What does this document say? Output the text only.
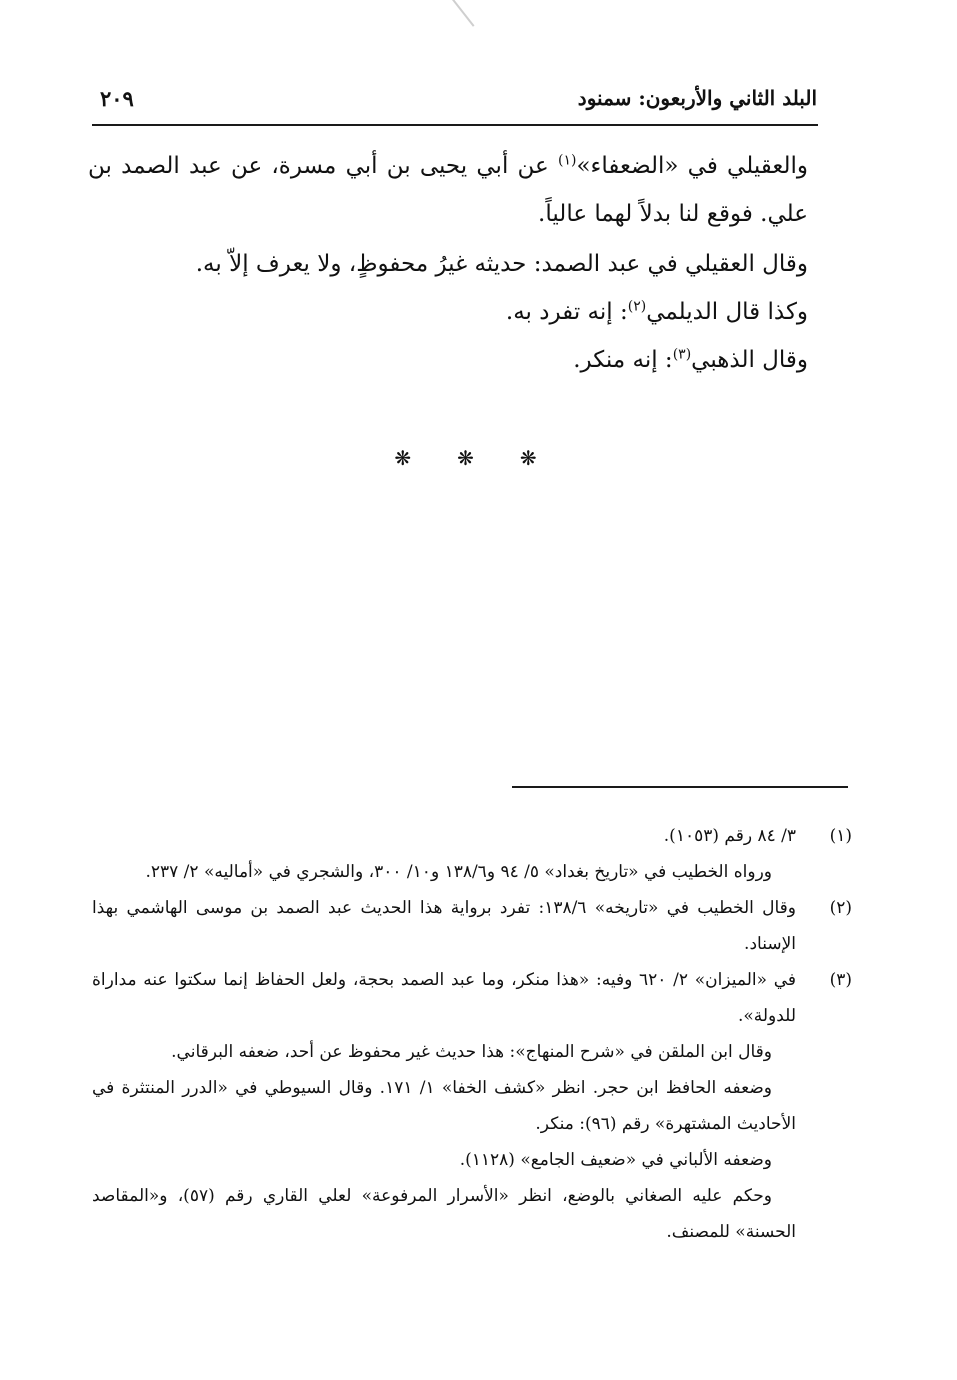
البلد الثاني والأربعون: سمنود
٢٠٩

والعقيلي في «الضعفاء»$^{(١)}$ عن أبي يحيى بن أبي مسرة، عن عبد الصمد بن علي. فوقع لنا بدلاً لهما عالياً.

وقال العقيلي في عبد الصمد: حديثه غيرُ محفوظٍ، ولا يعرف إلاّ به.

وكذا قال الديلمي$^{(٢)}$: إنه تفرد به.

وقال الذهبي$^{(٣)}$: إنه منكر.

❋ ❋ ❋
(١)
٣/ ٨٤ رقم (١٠٥٣).
ورواه الخطيب في «تاريخ بغداد» ٥/ ٩٤ و١٣٨/٦ و١٠/ ٣٠٠، والشجري في «أماليه» ٢/ ٢٣٧.
(٢)
وقال الخطيب في «تاريخه» ١٣٨/٦: تفرد برواية هذا الحديث عبد الصمد بن موسى الهاشمي بهذا الإسناد.
(٣)
في «الميزان» ٢/ ٦٢٠ وفيه: «هذا منكر، وما عبد الصمد بحجة، ولعل الحفاظ إنما سكتوا عنه مداراة للدولة».
وقال ابن الملقن في «شرح المنهاج»: هذا حديث غير محفوظ عن أحد، ضعفه البرقاني.
وضعفه الحافظ ابن حجر. انظر «كشف الخفا» ١/ ١٧١. وقال السيوطي في «الدرر المنتثرة في الأحاديث المشتهرة» رقم (٩٦): منكر.
وضعفه الألباني في «ضعيف الجامع» (١١٢٨).
وحكم عليه الصغاني بالوضع، انظر «الأسرار المرفوعة» لعلي القاري رقم (٥٧)، و«المقاصد الحسنة» للمصنف.
